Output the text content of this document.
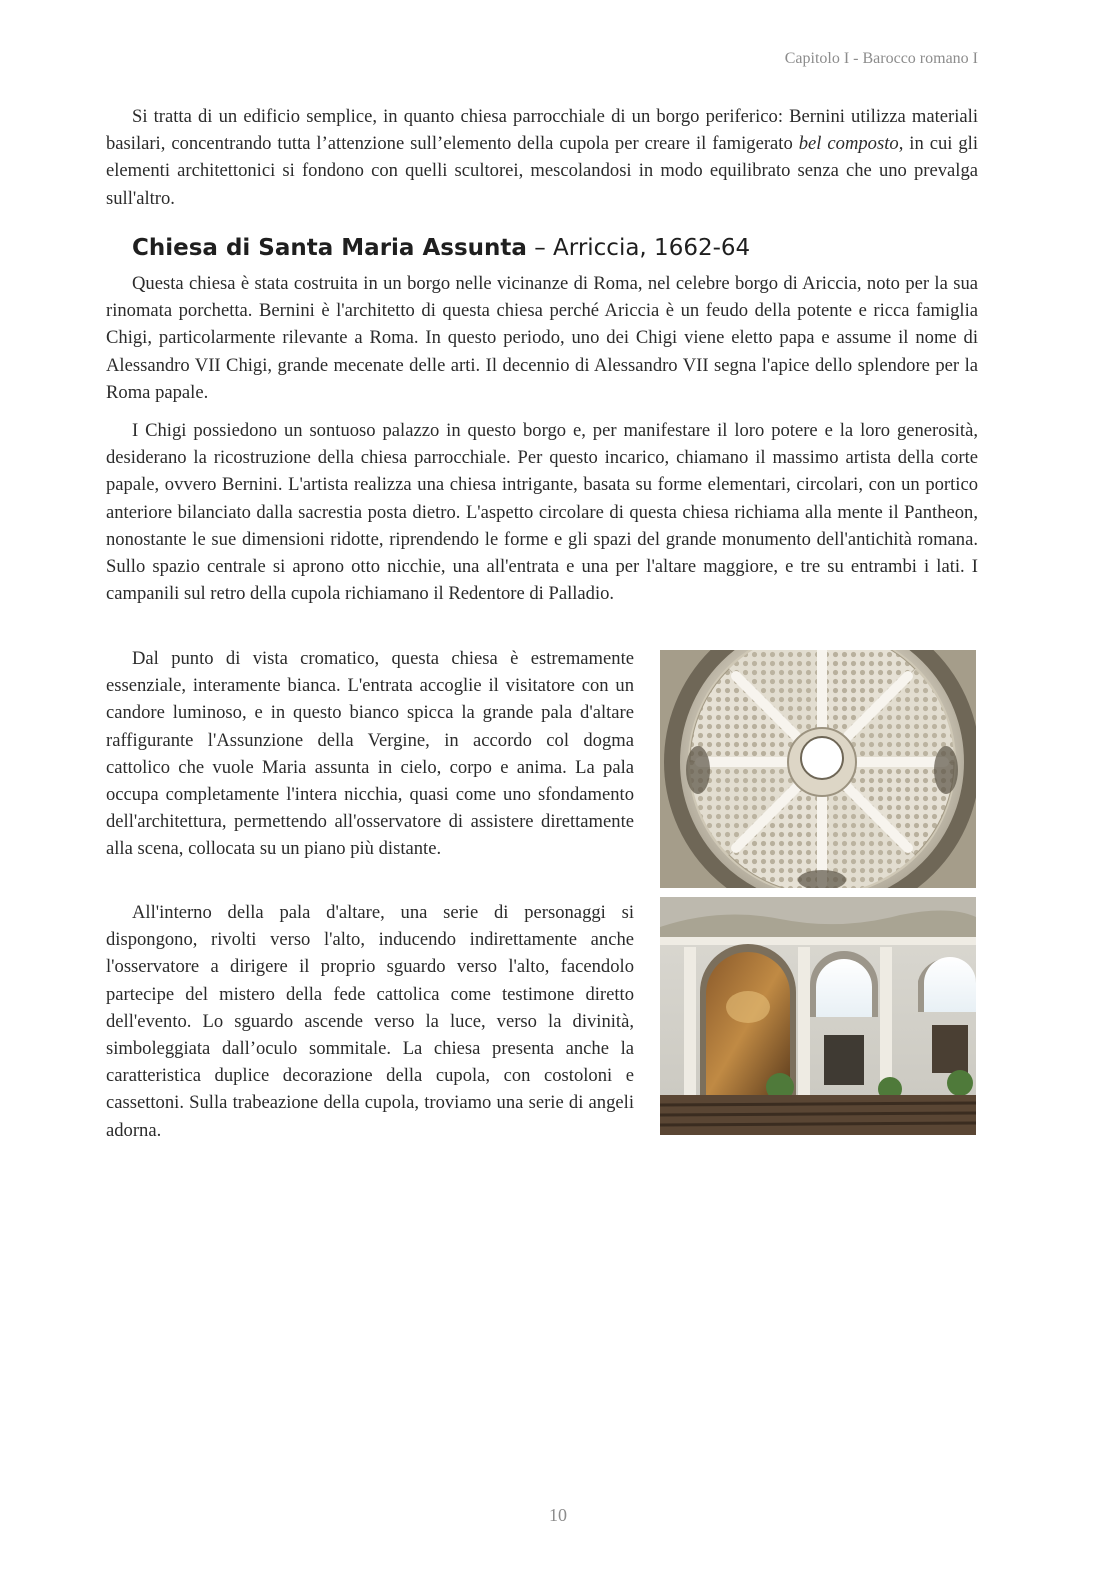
Capitolo I - Barocco romano I

Si tratta di un edificio semplice, in quanto chiesa parrocchiale di un borgo periferico: Bernini utilizza materiali basilari, concentrando tutta l’attenzione sull’elemento della cupola per creare il famigerato bel composto, in cui gli elementi architettonici si fondono con quelli scultorei, mescolandosi in modo equilibrato senza che uno prevalga sull'altro.

Chiesa di Santa Maria Assunta – Arriccia, 1662-64

Questa chiesa è stata costruita in un borgo nelle vicinanze di Roma, nel celebre borgo di Ariccia, noto per la sua rinomata porchetta. Bernini è l'architetto di questa chiesa perché Ariccia è un feudo della potente e ricca famiglia Chigi, particolarmente rilevante a Roma. In questo periodo, uno dei Chigi viene eletto papa e assume il nome di Alessandro VII Chigi, grande mecenate delle arti. Il decennio di Alessandro VII segna l'apice dello splendore per la Roma papale.

I Chigi possiedono un sontuoso palazzo in questo borgo e, per manifestare il loro potere e la loro generosità, desiderano la ricostruzione della chiesa parrocchiale. Per questo incarico, chiamano il massimo artista della corte papale, ovvero Bernini. L'artista realizza una chiesa intrigante, basata su forme elementari, circolari, con un portico anteriore bilanciato dalla sacrestia posta dietro. L'aspetto circolare di questa chiesa richiama alla mente il Pantheon, nonostante le sue dimensioni ridotte, riprendendo le forme e gli spazi del grande monumento dell'antichità romana. Sullo spazio centrale si aprono otto nicchie, una all'entrata e una per l'altare maggiore, e tre su entrambi i lati. I campanili sul retro della cupola richiamano il Redentore di Palladio.

Dal punto di vista cromatico, questa chiesa è estremamente essenziale, interamente bianca. L'entrata accoglie il visitatore con un candore luminoso, e in questo bianco spicca la grande pala d'altare raffigurante l'Assunzione della Vergine, in accordo col dogma cattolico che vuole Maria assunta in cielo, corpo e anima. La pala occupa completamente l'intera nicchia, quasi come uno sfondamento dell'architettura, permettendo all'osservatore di assistere direttamente alla scena, collocata su un piano più distante.

All'interno della pala d'altare, una serie di personaggi si dispongono, rivolti verso l'alto, inducendo indirettamente anche l'osservatore a dirigere il proprio sguardo verso l'alto, facendolo partecipe del mistero della fede cattolica come testimone diretto dell'evento. Lo sguardo ascende verso la luce, verso la divinità, simboleggiata dall’oculo sommitale. La chiesa presenta anche la caratteristica duplice decorazione della cupola, con costoloni e cassettoni. Sulla trabeazione della cupola, troviamo una serie di angeli adorna.

10
